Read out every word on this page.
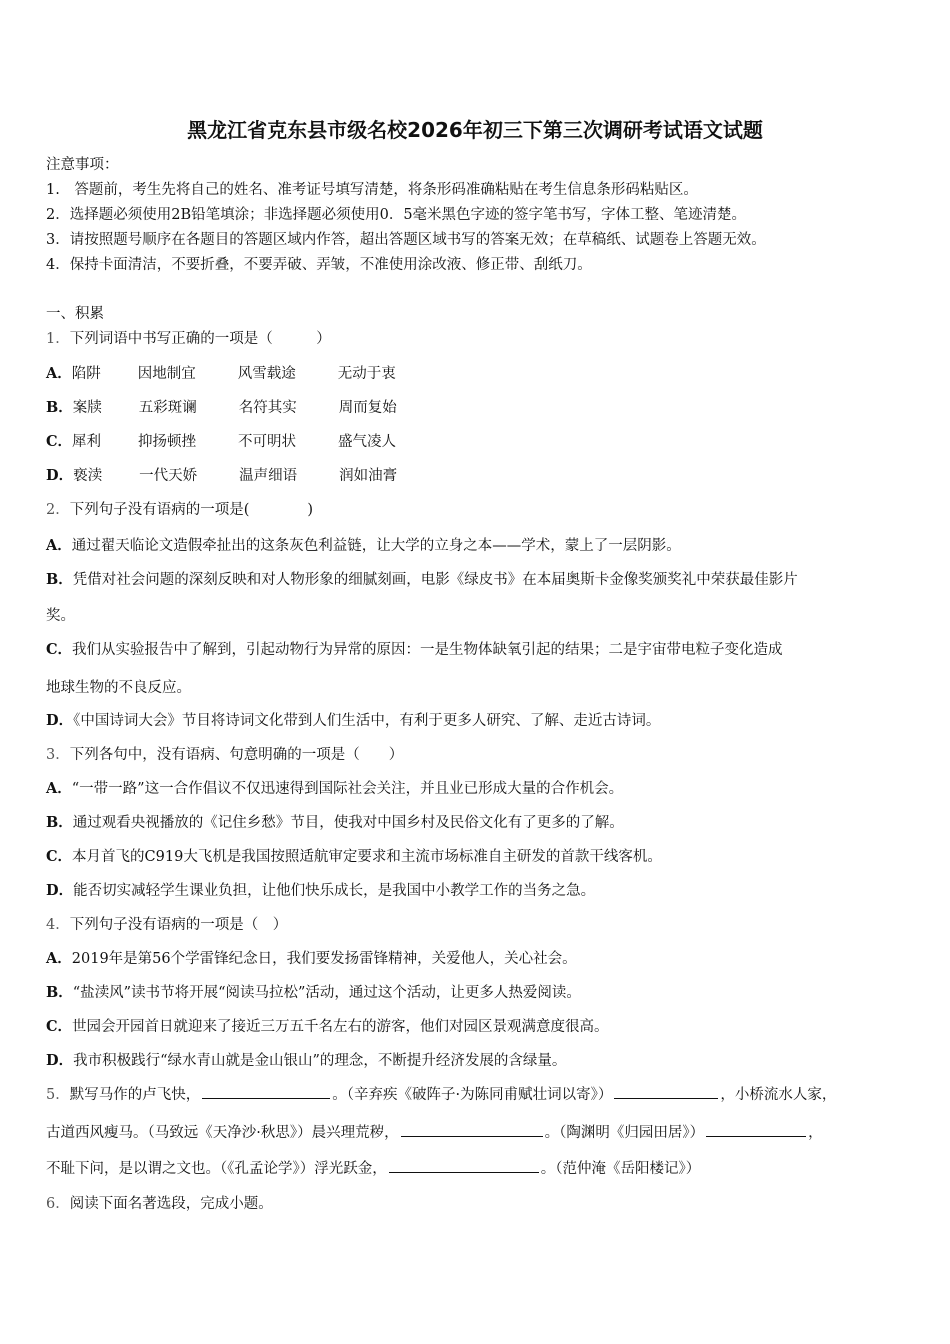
黑龙江省克东县市级名校2026年初三下第三次调研考试语文试题
注意事项：
1.　答题前，考生先将自己的姓名、准考证号填写清楚，将条形码准确粘贴在考生信息条形码粘贴区。
2．选择题必须使用2B铅笔填涂；非选择题必须使用0．5毫米黑色字迹的签字笔书写，字体工整、笔迹清楚。
3．请按照题号顺序在各题目的答题区域内作答，超出答题区域书写的答案无效；在草稿纸、试题卷上答题无效。
4．保持卡面清洁，不要折叠，不要弄破、弄皱，不准使用涂改液、修正带、刮纸刀。
一、积累
1．下列词语中书写正确的一项是（　　　）
A．陷阱	因地制宜	风雪载途	无动于衷
B．案牍	五彩斑谰	名符其实	周而复始
C．犀利	抑扬顿挫	不可明状	盛气凌人
D．亵渎	一代天娇	温声细语	润如油膏
2．下列句子没有语病的一项是(　　　　)
A．通过翟天临论文造假牵扯出的这条灰色利益链，让大学的立身之本——学术，蒙上了一层阴影。
B．凭借对社会问题的深刻反映和对人物形象的细腻刻画，电影《绿皮书》在本届奥斯卡金像奖颁奖礼中荣获最佳影片
奖。
C．我们从实验报告中了解到，引起动物行为异常的原因：一是生物体缺氧引起的结果；二是宇宙带电粒子变化造成
地球生物的不良反应。
D．《中国诗词大会》节目将诗词文化带到人们生活中，有利于更多人研究、了解、走近古诗词。
3．下列各句中，没有语病、句意明确的一项是（　　）
A．“一带一路”这一合作倡议不仅迅速得到国际社会关注，并且业已形成大量的合作机会。
B．通过观看央视播放的《记住乡愁》节目，使我对中国乡村及民俗文化有了更多的了解。
C．本月首飞的C919大飞机是我国按照适航审定要求和主流市场标准自主研发的首款干线客机。
D．能否切实减轻学生课业负担，让他们快乐成长，是我国中小教学工作的当务之急。
4．下列句子没有语病的一项是（　）
A．2019年是第56个学雷锋纪念日，我们要发扬雷锋精神，关爱他人，关心社会。
B．“盐渎风”读书节将开展“阅读马拉松”活动，通过这个活动，让更多人热爱阅读。
C．世园会开园首日就迎来了接近三万五千名左右的游客，他们对园区景观满意度很高。
D．我市积极践行“绿水青山就是金山银山”的理念，不断提升经济发展的含绿量。
5．默写马作的卢飞快，	。（辛弃疾《破阵子·为陈同甫赋壮词以寄》）	，小桥流水人家，
古道西风瘦马。（马致远《天净沙·秋思》）晨兴理荒秽，	。（陶渊明《归园田居》）	，
不耻下问，是以谓之文也。（《孔孟论学》）浮光跃金，	。（范仲淹《岳阳楼记》）
6．阅读下面名著选段，完成小题。
